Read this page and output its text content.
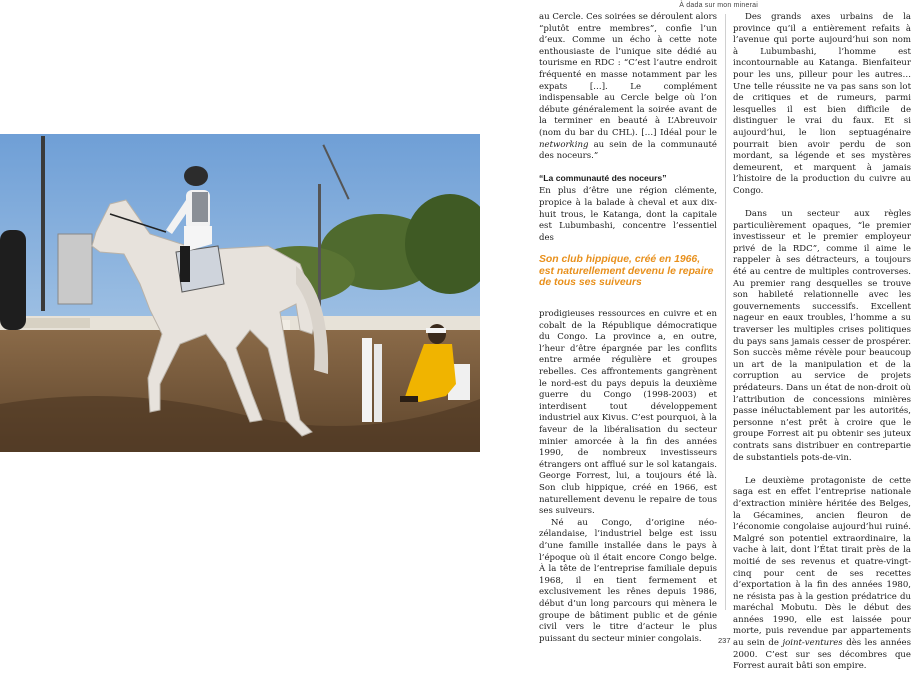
À dada sur mon minerai

au Cercle. Ces soirées se déroulent alors “plutôt entre membres”, confie l’un d’eux. Comme un écho à cette note enthousiaste de l’unique site dédié au tourisme en RDC : “C’est l’autre endroit fréquenté en masse notamment par les expats […]. Le complément indispensable au Cercle belge où l’on débute généralement la soirée avant de la terminer en beauté à L’Abreuvoir (nom du bar du CHL). […] Idéal pour le networking au sein de la communauté des noceurs.”

“La communauté des noceurs”

En plus d’être une région clémente, propice à la balade à cheval et aux dix-huit trous, le Katanga, dont la capitale est Lubumbashi, concentre l’essentiel des

Son club hippique, créé en 1966, est naturellement devenu le repaire de tous ses suiveurs

prodigieuses ressources en cuivre et en cobalt de la République démocratique du Congo. La province a, en outre, l’heur d’être épargnée par les conflits entre armée régulière et groupes rebelles. Ces affrontements gangrènent le nord-est du pays depuis la deuxième guerre du Congo (1998-2003) et interdisent tout développement industriel aux Kivus. C’est pourquoi, à la faveur de la libéralisation du secteur minier amorcée à la fin des années 1990, de nombreux investisseurs étrangers ont afflué sur le sol katangais. George Forrest, lui, a toujours été là. Son club hippique, créé en 1966, est naturellement devenu le repaire de tous ses suiveurs.

Né au Congo, d’origine néo-zélandaise, l’industriel belge est issu d’une famille installée dans le pays à l’époque où il était encore Congo belge. À la tête de l’entreprise familiale depuis 1968, il en tient fermement et exclusivement les rênes depuis 1986, début d’un long parcours qui mènera le groupe de bâtiment public et de génie civil vers le titre d’acteur le plus puissant du secteur minier congolais.

Des grands axes urbains de la province qu’il a entièrement refaits à l’avenue qui porte aujourd’hui son nom à Lubumbashi, l’homme est incontournable au Katanga. Bienfaiteur pour les uns, pilleur pour les autres… Une telle réussite ne va pas sans son lot de critiques et de rumeurs, parmi lesquelles il est bien difficile de distinguer le vrai du faux. Et si aujourd’hui, le lion septuagénaire pourrait bien avoir perdu de son mordant, sa légende et ses mystères demeurent, et marquent à jamais l’histoire de la production du cuivre au Congo.

Dans un secteur aux règles particulièrement opaques, “le premier investisseur et le premier employeur privé de la RDC”, comme il aime le rappeler à ses détracteurs, a toujours été au centre de multiples controverses. Au premier rang desquelles se trouve son habileté relationnelle avec les gouvernements successifs. Excellent nageur en eaux troubles, l’homme a su traverser les multiples crises politiques du pays sans jamais cesser de prospérer. Son succès même révèle pour beaucoup un art de la manipulation et de la corruption au service de projets prédateurs. Dans un état de non-droit où l’attribution de concessions minières passe inéluctablement par les autorités, personne n’est prêt à croire que le groupe Forrest ait pu obtenir ses juteux contrats sans distribuer en contrepartie de substantiels pots-de-vin.

Le deuxième protagoniste de cette saga est en effet l’entreprise nationale d’extraction minière héritée des Belges, la Gécamines, ancien fleuron de l’économie congolaise aujourd’hui ruiné. Malgré son potentiel extraordinaire, la vache à lait, dont l’État tirait près de la moitié de ses revenus et quatre-vingt-cinq pour cent de ses recettes d’exportation à la fin des années 1980, ne résista pas à la gestion prédatrice du maréchal Mobutu. Dès le début des années 1990, elle est laissée pour morte, puis revendue par appartements au sein de joint-ventures dès les années 2000. C’est sur ses décombres que Forrest aurait bâti son empire.

237
